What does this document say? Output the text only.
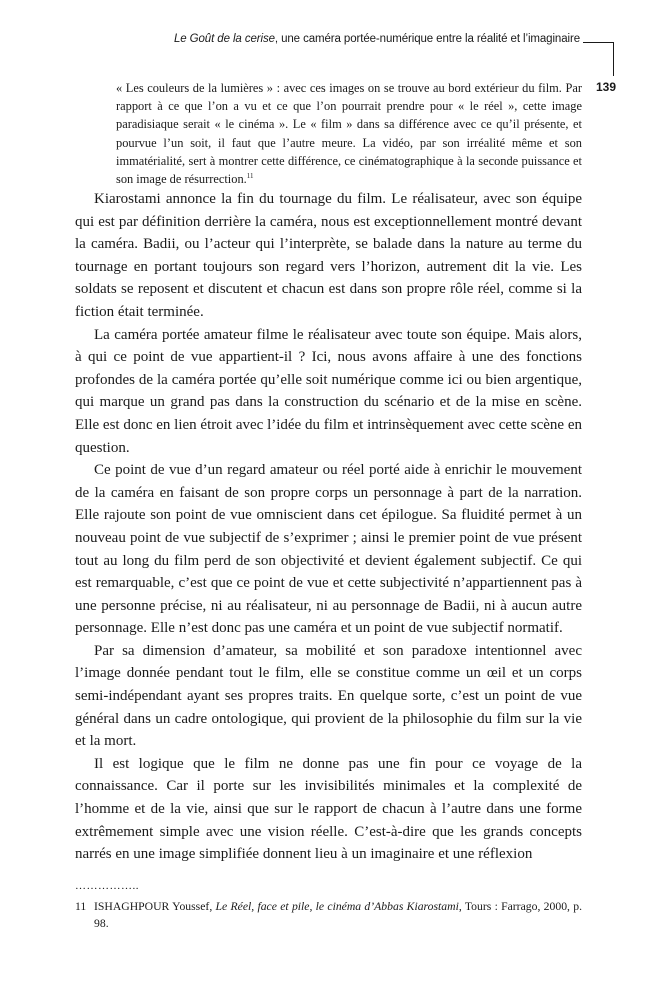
Le Goût de la cerise, une caméra portée-numérique entre la réalité et l’imaginaire
139

« Les couleurs de la lumières » : avec ces images on se trouve au bord extérieur du film. Par rapport à ce que l’on a vu et ce que l’on pourrait prendre pour « le réel », cette image paradisiaque serait « le cinéma ». Le « film » dans sa différence avec ce qu’il présente, et pourvue l’un soit, il faut que l’autre meure. La vidéo, par son irréalité même et son immatérialité, sert à montrer cette différence, ce cinématographique à la seconde puissance et son image de résurrection.$^{11}$

Kiarostami annonce la fin du tournage du film. Le réalisateur, avec son équipe qui est par définition derrière la caméra, nous est exceptionnellement montré devant la caméra. Badii, ou l’acteur qui l’interprète, se balade dans la nature au terme du tournage en portant toujours son regard vers l’horizon, autrement dit la vie. Les soldats se reposent et discutent et chacun est dans son propre rôle réel, comme si la fiction était terminée.

La caméra portée amateur filme le réalisateur avec toute son équipe. Mais alors, à qui ce point de vue appartient-il ? Ici, nous avons affaire à une des fonctions profondes de la caméra portée qu’elle soit numérique comme ici ou bien argentique, qui marque un grand pas dans la construction du scénario et de la mise en scène. Elle est donc en lien étroit avec l’idée du film et intrinsèquement avec cette scène en question.

Ce point de vue d’un regard amateur ou réel porté aide à enrichir le mouvement de la caméra en faisant de son propre corps un personnage à part de la narration. Elle rajoute son point de vue omniscient dans cet épilogue. Sa fluidité permet à un nouveau point de vue subjectif de s’exprimer ; ainsi le premier point de vue présent tout au long du film perd de son objectivité et devient également subjectif. Ce qui est remarquable, c’est que ce point de vue et cette subjectivité n’appartiennent pas à une personne précise, ni au réalisateur, ni au personnage de Badii, ni à aucun autre personnage. Elle n’est donc pas une caméra et un point de vue subjectif normatif.

Par sa dimension d’amateur, sa mobilité et son paradoxe intentionnel avec l’image donnée pendant tout le film, elle se constitue comme un œil et un corps semi-indépendant ayant ses propres traits. En quelque sorte, c’est un point de vue général dans un cadre ontologique, qui provient de la philosophie du film sur la vie et la mort.

Il est logique que le film ne donne pas une fin pour ce voyage de la connaissance. Car il porte sur les invisibilités minimales et la complexité de l’homme et de la vie, ainsi que sur le rapport de chacun à l’autre dans une forme extrêmement simple avec une vision réelle. C’est-à-dire que les grands concepts narrés en une image simplifiée donnent lieu à un imaginaire et une réflexion

……………..
11 ISHAGHPOUR Youssef, Le Réel, face et pile, le cinéma d’Abbas Kiarostami, Tours : Farrago, 2000, p. 98.
